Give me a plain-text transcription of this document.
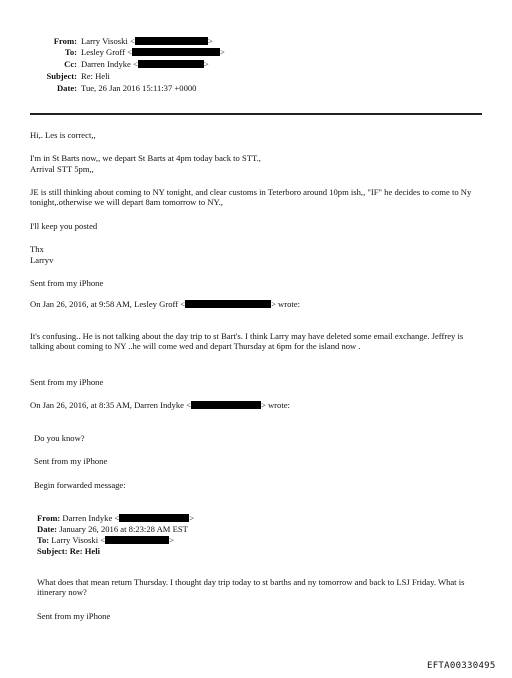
From: Larry Visoski <	>
To: Lesley Groff <	>
Cc: Darren Indyke <	>
Subject: Re: Heli
Date: Tue, 26 Jan 2016 15:11:37 +0000
Hi,. Les is correct,,
I'm in St Barts now,, we depart St Barts at 4pm today back to STT.,
Arrival STT 5pm,,
JE is still thinking about coming to NY tonight, and clear customs in Teterboro around 10pm ish,, "IF" he decides to come to Ny tonight,.otherwise we will depart 8am tomorrow to NY.,
I'll keep you posted
Thx
Larryv
Sent from my iPhone
On Jan 26, 2016, at 9:58 AM, Lesley Groff <	> wrote:
It's confusing.. He is not talking about the day trip to st Bart's. I think Larry may have deleted some email exchange. Jeffrey is talking about coming to NY ..he will come wed and depart Thursday at 6pm for the island now .
Sent from my iPhone
On Jan 26, 2016, at 8:35 AM, Darren Indyke <	> wrote:
Do you know?
Sent from my iPhone
Begin forwarded message:
From: Darren Indyke <	>
Date: January 26, 2016 at 8:23:28 AM EST
To: Larry Visoski <	>
Subject: Re: Heli
What does that mean return Thursday. I thought day trip today to st barths and ny tomorrow and back to LSJ Friday. What is itinerary now?
Sent from my iPhone
EFTA00330495
